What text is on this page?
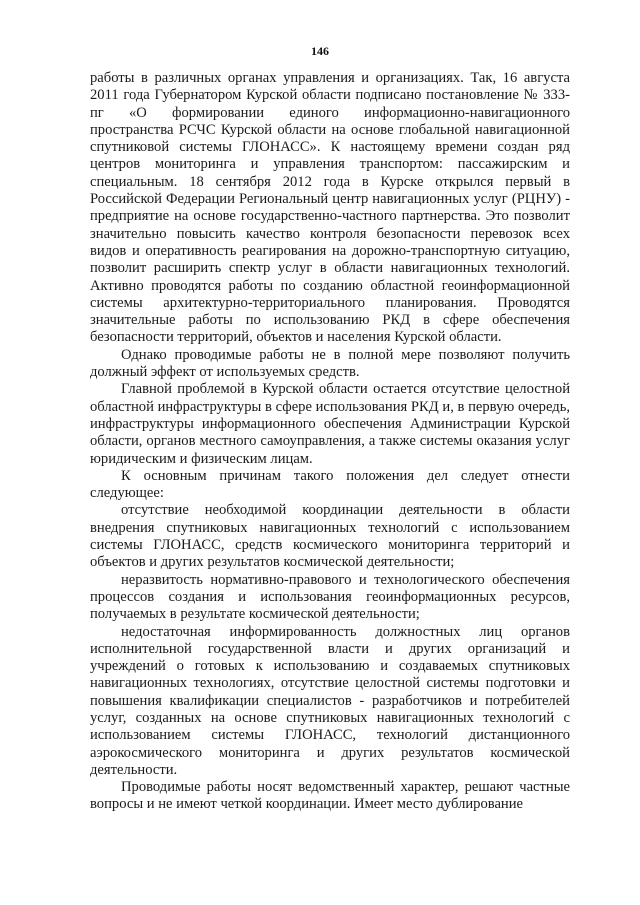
146

работы в различных органах управления и организациях. Так, 16 августа 2011 года Губернатором Курской области подписано постановление № 333-пг «О формировании единого информационно-навигационного пространства РСЧС Курской области на основе глобальной навигационной спутниковой системы ГЛОНАСС». К настоящему времени создан ряд центров мониторинга и управления транспортом: пассажирским и специальным. 18 сентября 2012 года в Курске открылся первый в Российской Федерации Региональный центр навигационных услуг (РЦНУ) - предприятие на основе государственно-частного партнерства. Это позволит значительно повысить качество контроля безопасности перевозок всех видов и оперативность реагирования на дорожно-транспортную ситуацию, позволит расширить спектр услуг в области навигационных технологий. Активно проводятся работы по созданию областной геоинформационной системы архитектурно-территориального планирования. Проводятся значительные работы по использованию РКД в сфере обеспечения безопасности территорий, объектов и населения Курской области.

Однако проводимые работы не в полной мере позволяют получить должный эффект от используемых средств.

Главной проблемой в Курской области остается отсутствие целостной областной инфраструктуры в сфере использования РКД и, в первую очередь, инфраструктуры информационного обеспечения Администрации Курской области, органов местного самоуправления, а также системы оказания услуг юридическим и физическим лицам.

К основным причинам такого положения дел следует отнести следующее:

отсутствие необходимой координации деятельности в области внедрения спутниковых навигационных технологий с использованием системы ГЛОНАСС, средств космического мониторинга территорий и объектов и других результатов космической деятельности;

неразвитость нормативно-правового и технологического обеспечения процессов создания и использования геоинформационных ресурсов, получаемых в результате космической деятельности;

недостаточная информированность должностных лиц органов исполнительной государственной власти и других организаций и учреждений о готовых к использованию и создаваемых спутниковых навигационных технологиях, отсутствие целостной системы подготовки и повышения квалификации специалистов - разработчиков и потребителей услуг, созданных на основе спутниковых навигационных технологий с использованием системы ГЛОНАСС, технологий дистанционного аэрокосмического мониторинга и других результатов космической деятельности.

Проводимые работы носят ведомственный характер, решают частные вопросы и не имеют четкой координации. Имеет место дублирование
